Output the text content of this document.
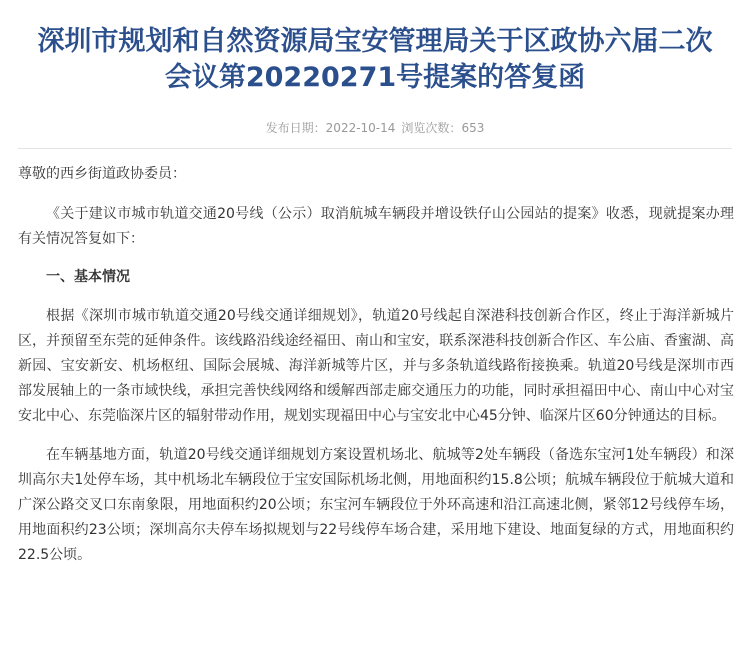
深圳市规划和自然资源局宝安管理局关于区政协六届二次
会议第20220271号提案的答复函
发布日期：2022-10-14 浏览次数：653

尊敬的西乡街道政协委员：

《关于建议市城市轨道交通20号线（公示）取消航城车辆段并增设铁仔山公园站的提案》收悉，现就提案办理有关情况答复如下：

一、基本情况

根据《深圳市城市轨道交通20号线交通详细规划》，轨道20号线起自深港科技创新合作区，终止于海洋新城片区，并预留至东莞的延伸条件。该线路沿线途经福田、南山和宝安，联系深港科技创新合作区、车公庙、香蜜湖、高新园、宝安新安、机场枢纽、国际会展城、海洋新城等片区，并与多条轨道线路衔接换乘。轨道20号线是深圳市西部发展轴上的一条市域快线，承担完善快线网络和缓解西部走廊交通压力的功能，同时承担福田中心、南山中心对宝安北中心、东莞临深片区的辐射带动作用，规划实现福田中心与宝安北中心45分钟、临深片区60分钟通达的目标。

在车辆基地方面，轨道20号线交通详细规划方案设置机场北、航城等2处车辆段（备选东宝河1处车辆段）和深圳高尔夫1处停车场，其中机场北车辆段位于宝安国际机场北侧，用地面积约15.8公顷；航城车辆段位于航城大道和广深公路交叉口东南象限，用地面积约20公顷；东宝河车辆段位于外环高速和沿江高速北侧，紧邻12号线停车场，用地面积约23公顷；深圳高尔夫停车场拟规划与22号线停车场合建，采用地下建设、地面复绿的方式，用地面积约22.5公顷。
